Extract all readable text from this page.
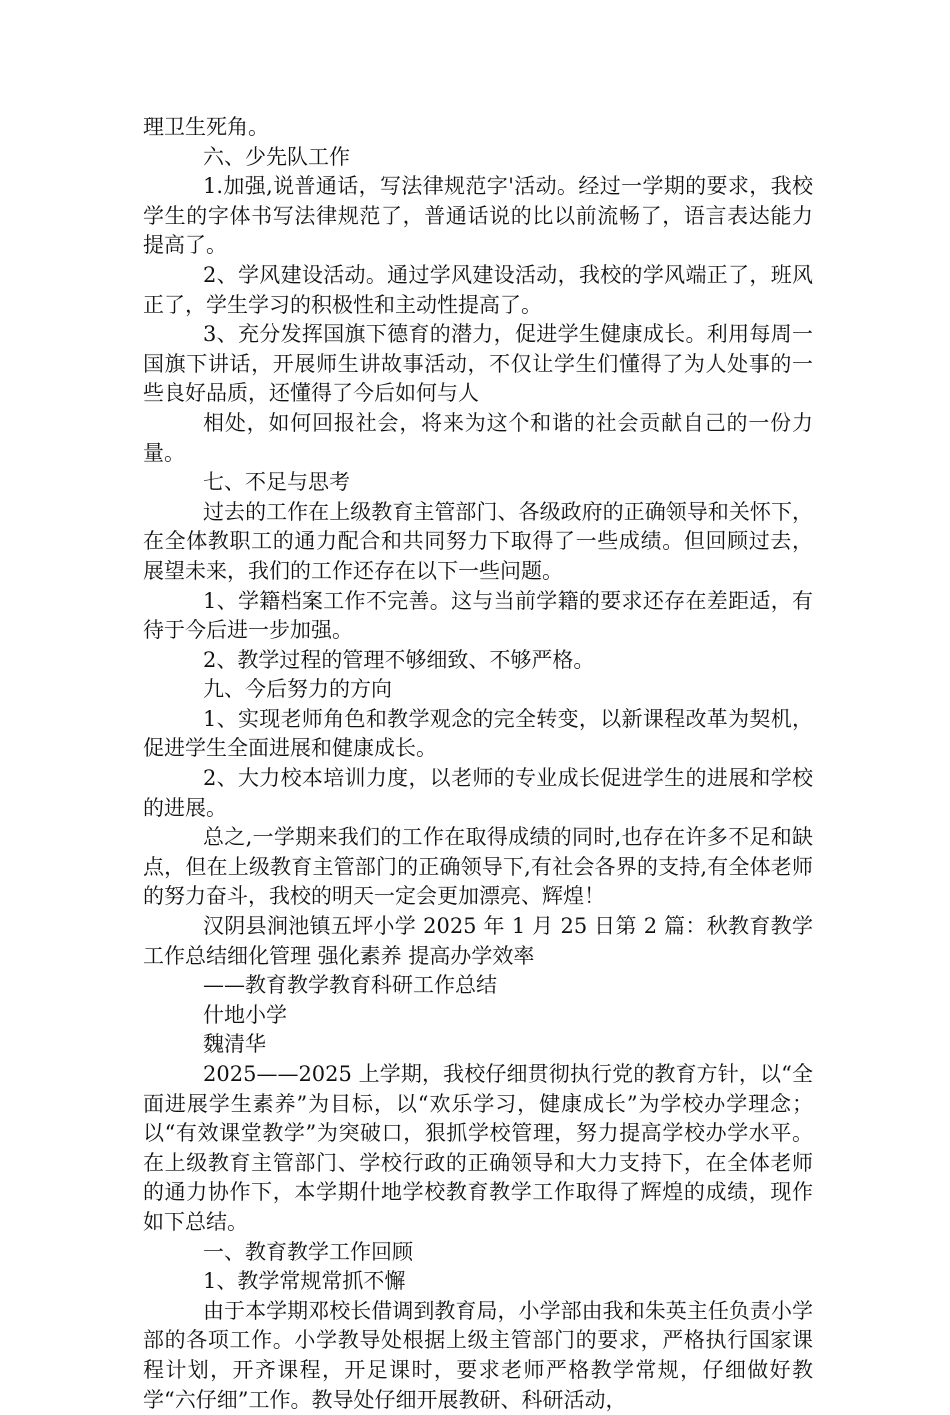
理卫生死角。

六、少先队工作

1.加强,说普通话，写法律规范字'活动。经过一学期的要求，我校学生的字体书写法律规范了，普通话说的比以前流畅了，语言表达能力提高了。

2、学风建设活动。通过学风建设活动，我校的学风端正了，班风正了，学生学习的积极性和主动性提高了。

3、充分发挥国旗下德育的潜力，促进学生健康成长。利用每周一国旗下讲话，开展师生讲故事活动，不仅让学生们懂得了为人处事的一些良好品质，还懂得了今后如何与人

相处，如何回报社会，将来为这个和谐的社会贡献自己的一份力量。

七、不足与思考

过去的工作在上级教育主管部门、各级政府的正确领导和关怀下，在全体教职工的通力配合和共同努力下取得了一些成绩。但回顾过去，展望未来，我们的工作还存在以下一些问题。

1、学籍档案工作不完善。这与当前学籍的要求还存在差距适，有待于今后进一步加强。

2、教学过程的管理不够细致、不够严格。

九、今后努力的方向

1、实现老师角色和教学观念的完全转变，以新课程改革为契机，促进学生全面进展和健康成长。

2、大力校本培训力度，以老师的专业成长促进学生的进展和学校的进展。

总之,一学期来我们的工作在取得成绩的同时,也存在许多不足和缺点，但在上级教育主管部门的正确领导下,有社会各界的支持,有全体老师的努力奋斗，我校的明天一定会更加漂亮、辉煌！

汉阴县涧池镇五坪小学 2025 年 1 月 25 日第 2 篇：秋教育教学工作总结细化管理 强化素养 提高办学效率

——教育教学教育科研工作总结

什地小学

魏清华

2025——2025 上学期，我校仔细贯彻执行党的教育方针，以“全面进展学生素养”为目标，以“欢乐学习，健康成长”为学校办学理念；以“有效课堂教学”为突破口，狠抓学校管理，努力提高学校办学水平。在上级教育主管部门、学校行政的正确领导和大力支持下，在全体老师的通力协作下，本学期什地学校教育教学工作取得了辉煌的成绩，现作如下总结。

一、教育教学工作回顾

1、教学常规常抓不懈

由于本学期邓校长借调到教育局，小学部由我和朱英主任负责小学部的各项工作。小学教导处根据上级主管部门的要求，严格执行国家课程计划，开齐课程，开足课时，要求老师严格教学常规，仔细做好教学“六仔细”工作。教导处仔细开展教研、科研活动，
